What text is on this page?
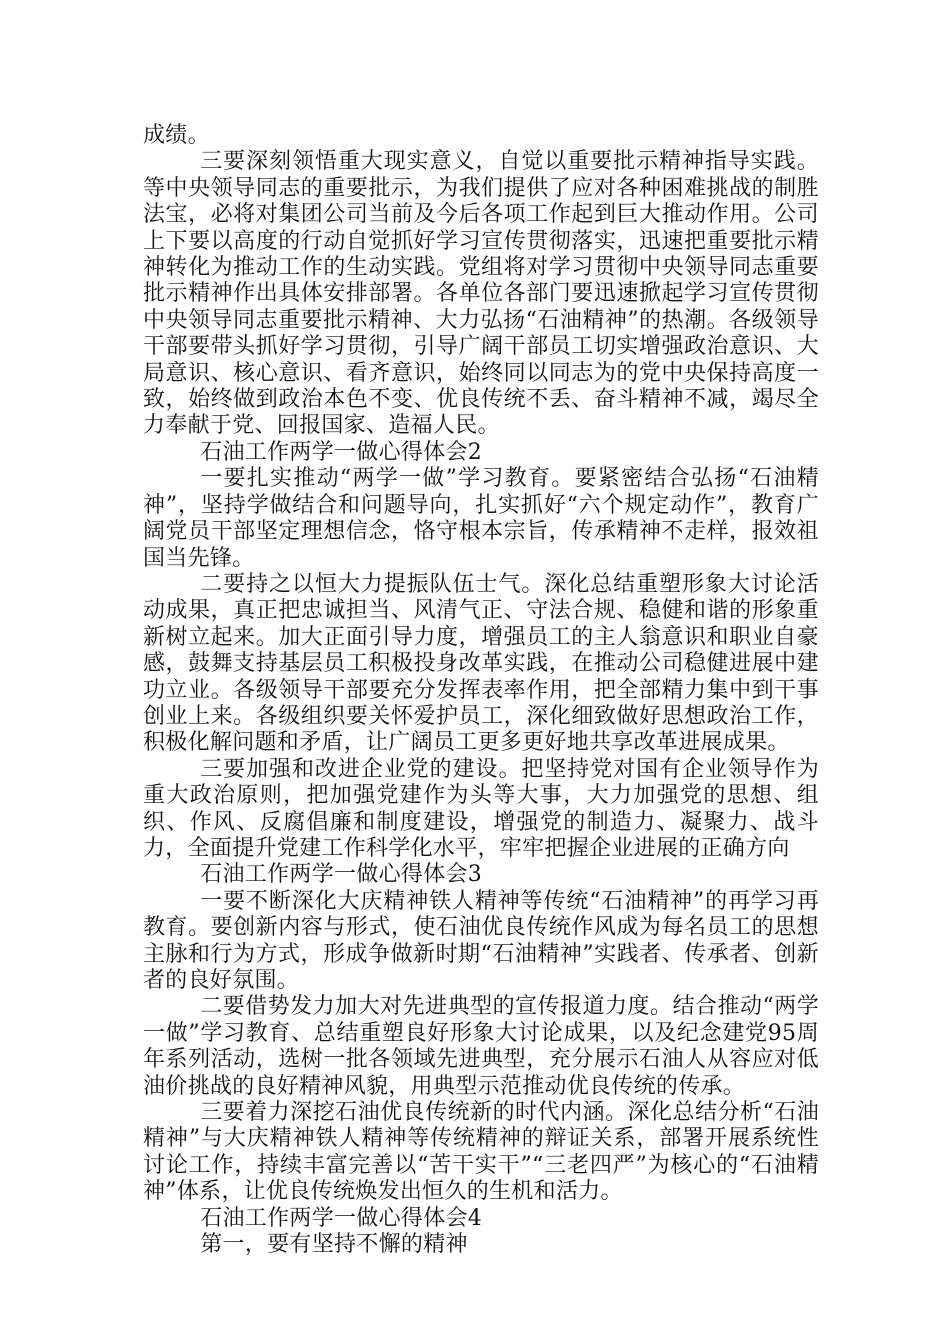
成绩。

三要深刻领悟重大现实意义，自觉以重要批示精神指导实践。等中央领导同志的重要批示，为我们提供了应对各种困难挑战的制胜法宝，必将对集团公司当前及今后各项工作起到巨大推动作用。公司上下要以高度的行动自觉抓好学习宣传贯彻落实，迅速把重要批示精神转化为推动工作的生动实践。党组将对学习贯彻中央领导同志重要批示精神作出具体安排部署。各单位各部门要迅速掀起学习宣传贯彻中央领导同志重要批示精神、大力弘扬“石油精神”的热潮。各级领导干部要带头抓好学习贯彻，引导广阔干部员工切实增强政治意识、大局意识、核心意识、看齐意识，始终同以同志为的党中央保持高度一致，始终做到政治本色不变、优良传统不丢、奋斗精神不减，竭尽全力奉献于党、回报国家、造福人民。

石油工作两学一做心得体会2

一要扎实推动“两学一做”学习教育。要紧密结合弘扬“石油精神”，坚持学做结合和问题导向，扎实抓好“六个规定动作”，教育广阔党员干部坚定理想信念，恪守根本宗旨，传承精神不走样，报效祖国当先锋。

二要持之以恒大力提振队伍士气。深化总结重塑形象大讨论活动成果，真正把忠诚担当、风清气正、守法合规、稳健和谐的形象重新树立起来。加大正面引导力度，增强员工的主人翁意识和职业自豪感，鼓舞支持基层员工积极投身改革实践，在推动公司稳健进展中建功立业。各级领导干部要充分发挥表率作用，把全部精力集中到干事创业上来。各级组织要关怀爱护员工，深化细致做好思想政治工作，积极化解问题和矛盾，让广阔员工更多更好地共享改革进展成果。

三要加强和改进企业党的建设。把坚持党对国有企业领导作为重大政治原则，把加强党建作为头等大事，大力加强党的思想、组织、作风、反腐倡廉和制度建设，增强党的制造力、凝聚力、战斗力，全面提升党建工作科学化水平，牢牢把握企业进展的正确方向

石油工作两学一做心得体会3

一要不断深化大庆精神铁人精神等传统“石油精神”的再学习再教育。要创新内容与形式，使石油优良传统作风成为每名员工的思想主脉和行为方式，形成争做新时期“石油精神”实践者、传承者、创新者的良好氛围。

二要借势发力加大对先进典型的宣传报道力度。结合推动“两学一做”学习教育、总结重塑良好形象大讨论成果，以及纪念建党95周年系列活动，选树一批各领域先进典型，充分展示石油人从容应对低油价挑战的良好精神风貌，用典型示范推动优良传统的传承。

三要着力深挖石油优良传统新的时代内涵。深化总结分析“石油精神”与大庆精神铁人精神等传统精神的辩证关系，部署开展系统性讨论工作，持续丰富完善以“苦干实干”“三老四严”为核心的“石油精神”体系，让优良传统焕发出恒久的生机和活力。

石油工作两学一做心得体会4

第一，要有坚持不懈的精神
